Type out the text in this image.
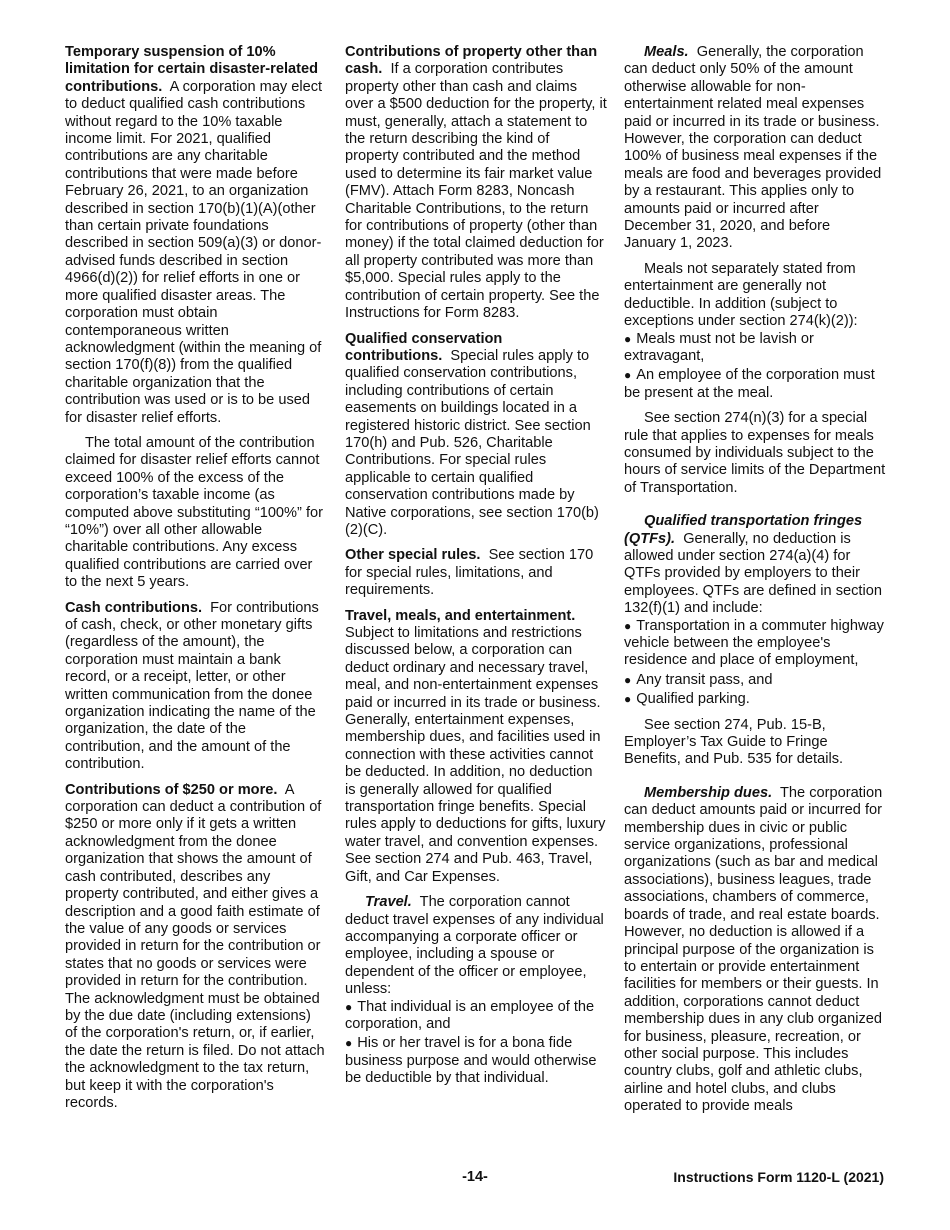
Temporary suspension of 10% limitation for certain disaster-related contributions. A corporation may elect to deduct qualified cash contributions without regard to the 10% taxable income limit. For 2021, qualified contributions are any charitable contributions that were made before February 26, 2021, to an organization described in section 170(b)(1)(A)(other than certain private foundations described in section 509(a)(3) or donor-advised funds described in section 4966(d)(2)) for relief efforts in one or more qualified disaster areas. The corporation must obtain contemporaneous written acknowledgment (within the meaning of section 170(f)(8)) from the qualified charitable organization that the contribution was used or is to be used for disaster relief efforts.

The total amount of the contribution claimed for disaster relief efforts cannot exceed 100% of the excess of the corporation’s taxable income (as computed above substituting “100%” for “10%”) over all other allowable charitable contributions. Any excess qualified contributions are carried over to the next 5 years.

Cash contributions. For contributions of cash, check, or other monetary gifts (regardless of the amount), the corporation must maintain a bank record, or a receipt, letter, or other written communication from the donee organization indicating the name of the organization, the date of the contribution, and the amount of the contribution.

Contributions of $250 or more. A corporation can deduct a contribution of $250 or more only if it gets a written acknowledgment from the donee organization that shows the amount of cash contributed, describes any property contributed, and either gives a description and a good faith estimate of the value of any goods or services provided in return for the contribution or states that no goods or services were provided in return for the contribution. The acknowledgment must be obtained by the due date (including extensions) of the corporation's return, or, if earlier, the date the return is filed. Do not attach the acknowledgment to the tax return, but keep it with the corporation's records.

Contributions of property other than cash. If a corporation contributes property other than cash and claims over a $500 deduction for the property, it must, generally, attach a statement to the return describing the kind of property contributed and the method used to determine its fair market value (FMV). Attach Form 8283, Noncash Charitable Contributions, to the return for contributions of property (other than money) if the total claimed deduction for all property contributed was more than $5,000. Special rules apply to the contribution of certain property. See the Instructions for Form 8283.

Qualified conservation contributions. Special rules apply to qualified conservation contributions, including contributions of certain easements on buildings located in a registered historic district. See section 170(h) and Pub. 526, Charitable Contributions. For special rules applicable to certain qualified conservation contributions made by Native corporations, see section 170(b)(2)(C).

Other special rules. See section 170 for special rules, limitations, and requirements.

Travel, meals, and entertainment.  Subject to limitations and restrictions discussed below, a corporation can deduct ordinary and necessary travel, meal, and non-entertainment expenses paid or incurred in its trade or business. Generally, entertainment expenses, membership dues, and facilities used in connection with these activities cannot be deducted. In addition, no deduction is generally allowed for qualified transportation fringe benefits. Special rules apply to deductions for gifts, luxury water travel, and convention expenses. See section 274 and Pub. 463, Travel, Gift, and Car Expenses.

Travel. The corporation cannot deduct travel expenses of any individual accompanying a corporate officer or employee, including a spouse or dependent of the officer or employee, unless:

● That individual is an employee of the corporation, and
● His or her travel is for a bona fide business purpose and would otherwise be deductible by that individual.

Meals. Generally, the corporation can deduct only 50% of the amount otherwise allowable for non-entertainment related meal expenses paid or incurred in its trade or business. However, the corporation can deduct 100% of business meal expenses if the meals are food and beverages provided by a restaurant. This applies only to amounts paid or incurred after December 31, 2020, and before January 1, 2023.

Meals not separately stated from entertainment are generally not deductible. In addition (subject to exceptions under section 274(k)(2)):

● Meals must not be lavish or extravagant,
● An employee of the corporation must be present at the meal.

See section 274(n)(3) for a special rule that applies to expenses for meals consumed by individuals subject to the hours of service limits of the Department of Transportation.

Qualified transportation fringes (QTFs). Generally, no deduction is allowed under section 274(a)(4) for QTFs provided by employers to their employees. QTFs are defined in section 132(f)(1) and include:

● Transportation in a commuter highway vehicle between the employee's residence and place of employment,
● Any transit pass, and
● Qualified parking.

See section 274, Pub. 15-B, Employer’s Tax Guide to Fringe Benefits, and Pub. 535 for details.

Membership dues. The corporation can deduct amounts paid or incurred for membership dues in civic or public service organizations, professional organizations (such as bar and medical associations), business leagues, trade associations, chambers of commerce, boards of trade, and real estate boards. However, no deduction is allowed if a principal purpose of the organization is to entertain or provide entertainment facilities for members or their guests. In addition, corporations cannot deduct membership dues in any club organized for business, pleasure, recreation, or other social purpose. This includes country clubs, golf and athletic clubs, airline and hotel clubs, and clubs operated to provide meals

-14-	Instructions Form 1120-L (2021)
